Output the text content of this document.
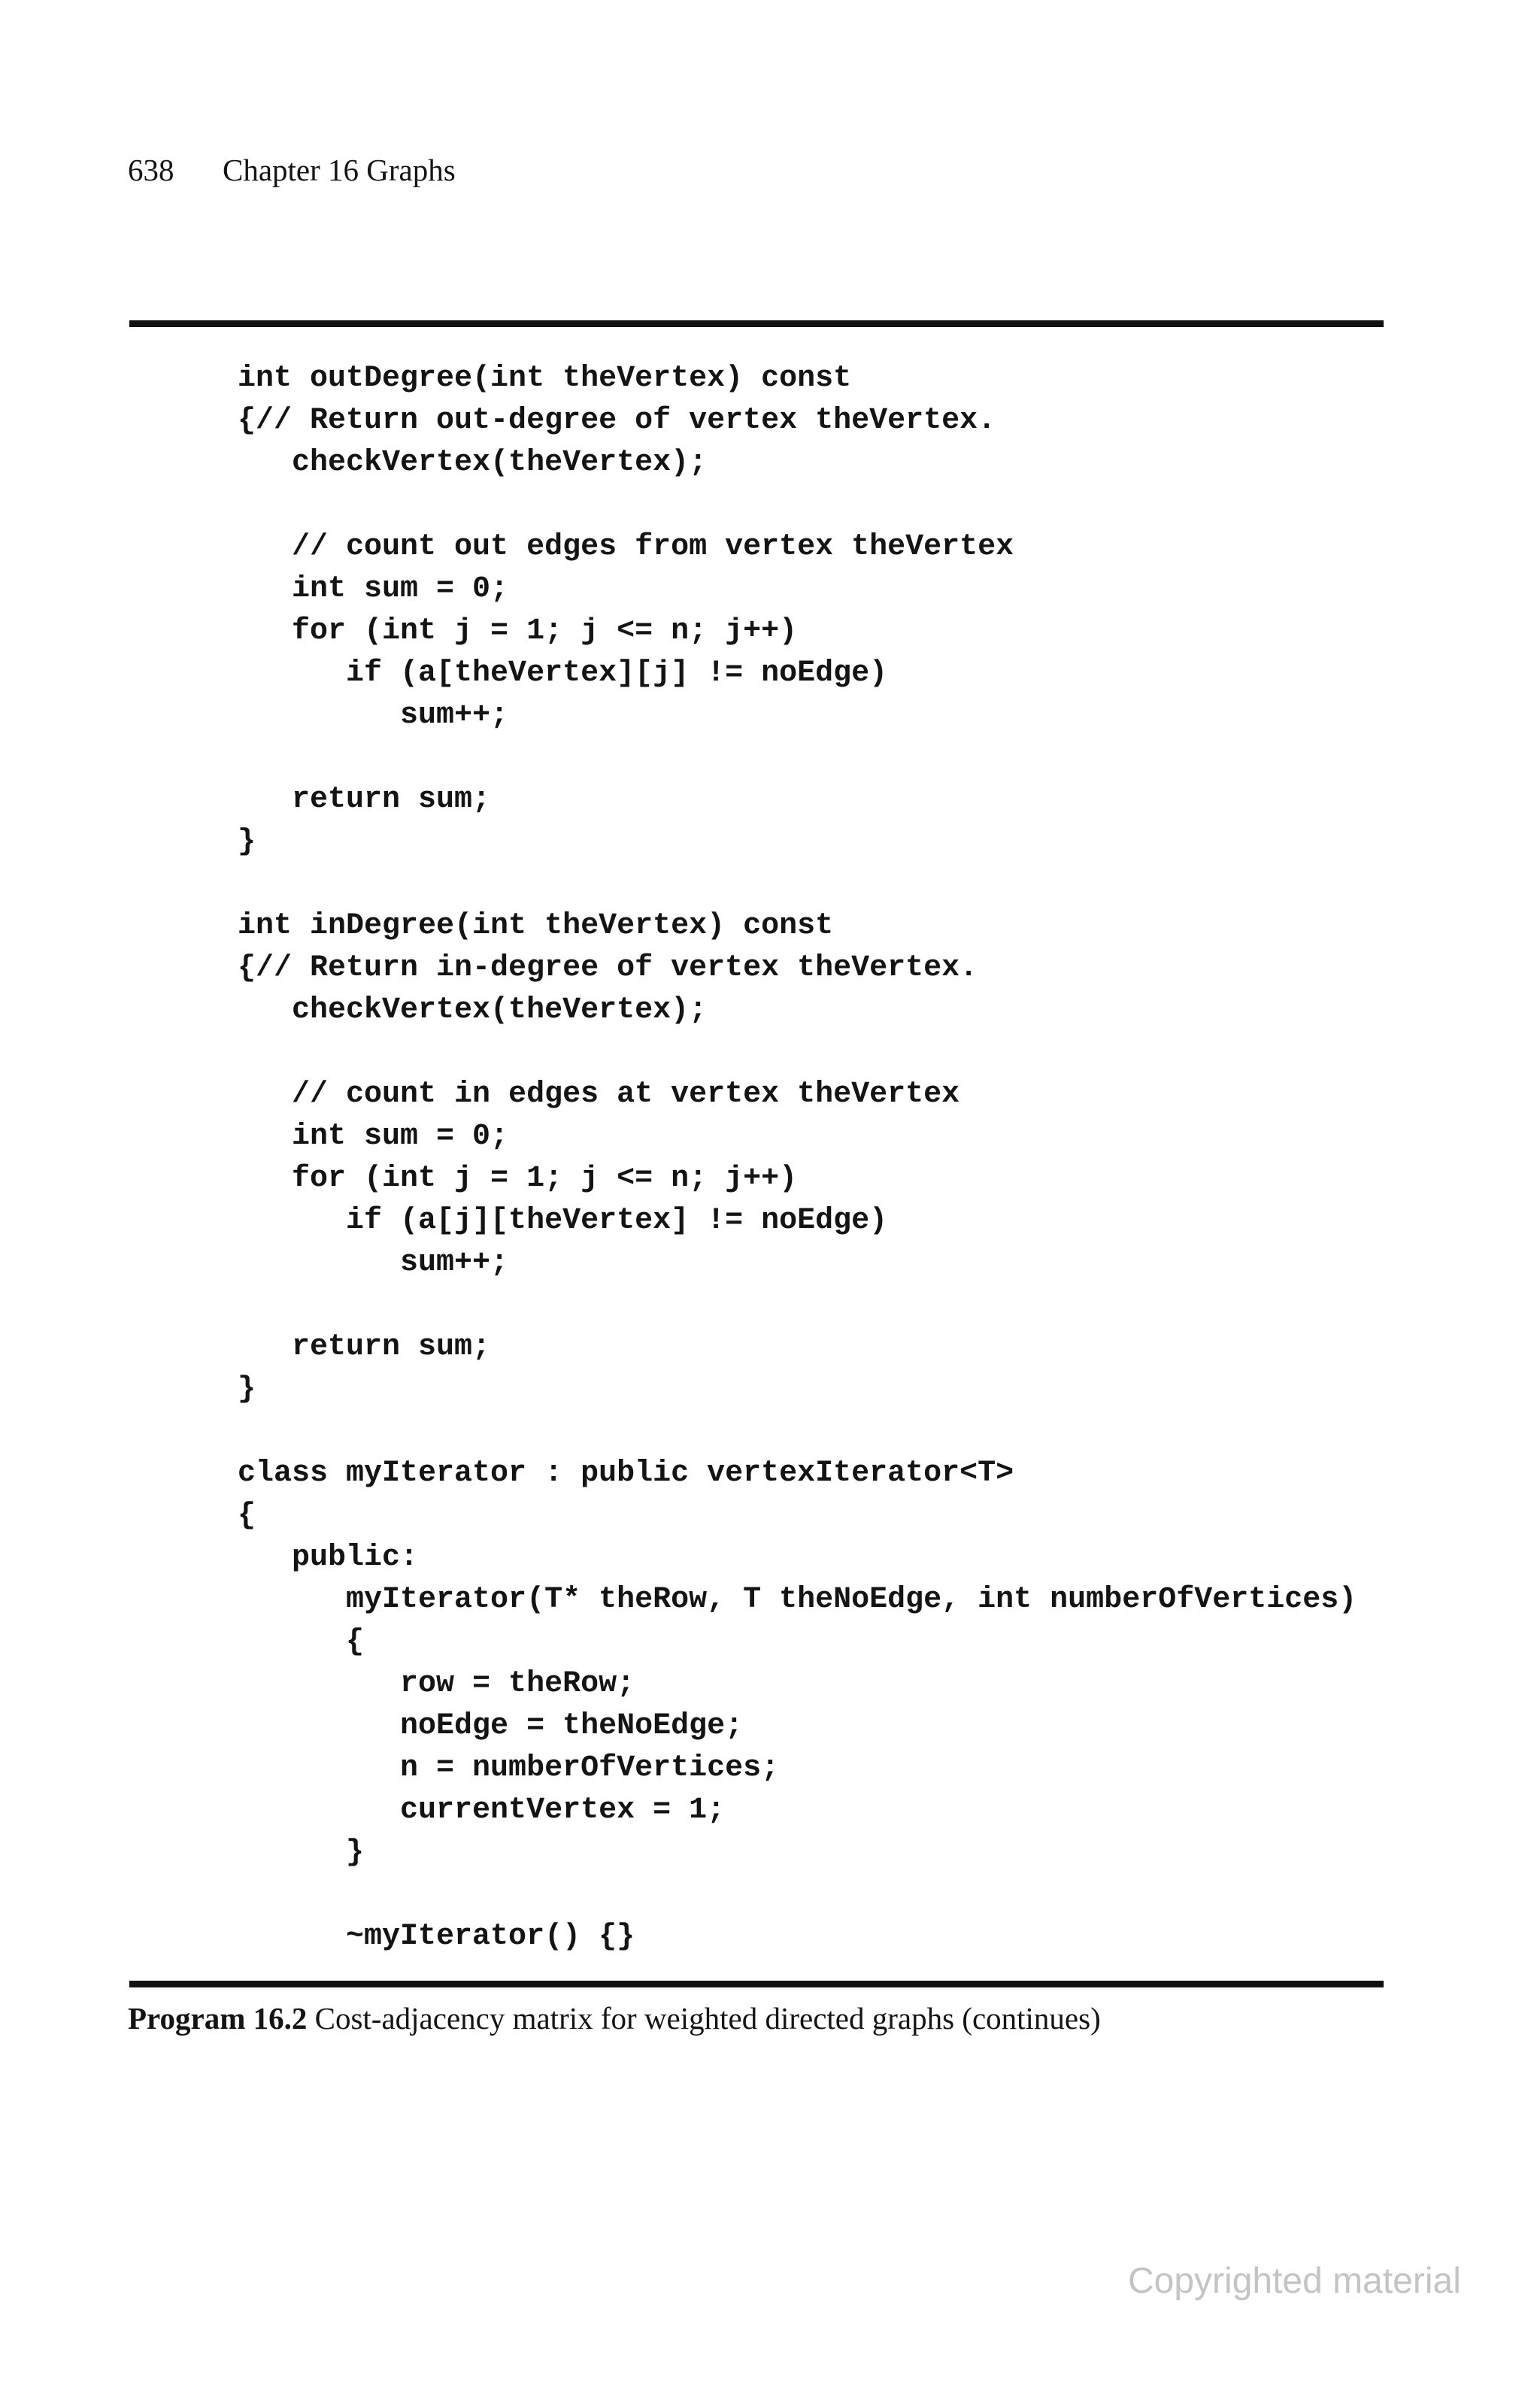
638 Chapter 16 Graphs
int outDegree(int theVertex) const
{// Return out-degree of vertex theVertex.
checkVertex(theVertex);
// count out edges from vertex theVertex
int sum = 0;
for (int j = 1; j <= n; j++)
if (a[theVertex][j] != noEdge)
sum++;
return sum;
}
int inDegree(int theVertex) const
{// Return in-degree of vertex theVertex.
checkVertex(theVertex);
// count in edges at vertex theVertex
int sum = 0;
for (int j = 1; j <= n; j++)
if (a[j][theVertex] != noEdge)
sum++;
return sum;
}
class myIterator : public vertexIterator<T>
{
public:
myIterator(T* theRow, T theNoEdge, int numberOfVertices)
{
row = theRow;
noEdge = theNoEdge;
n = numberOfVertices;
currentVertex = 1;
}
~myIterator() {}
Program 16.2 Cost-adjacency matrix for weighted directed graphs (continues)
Copyrighted material
